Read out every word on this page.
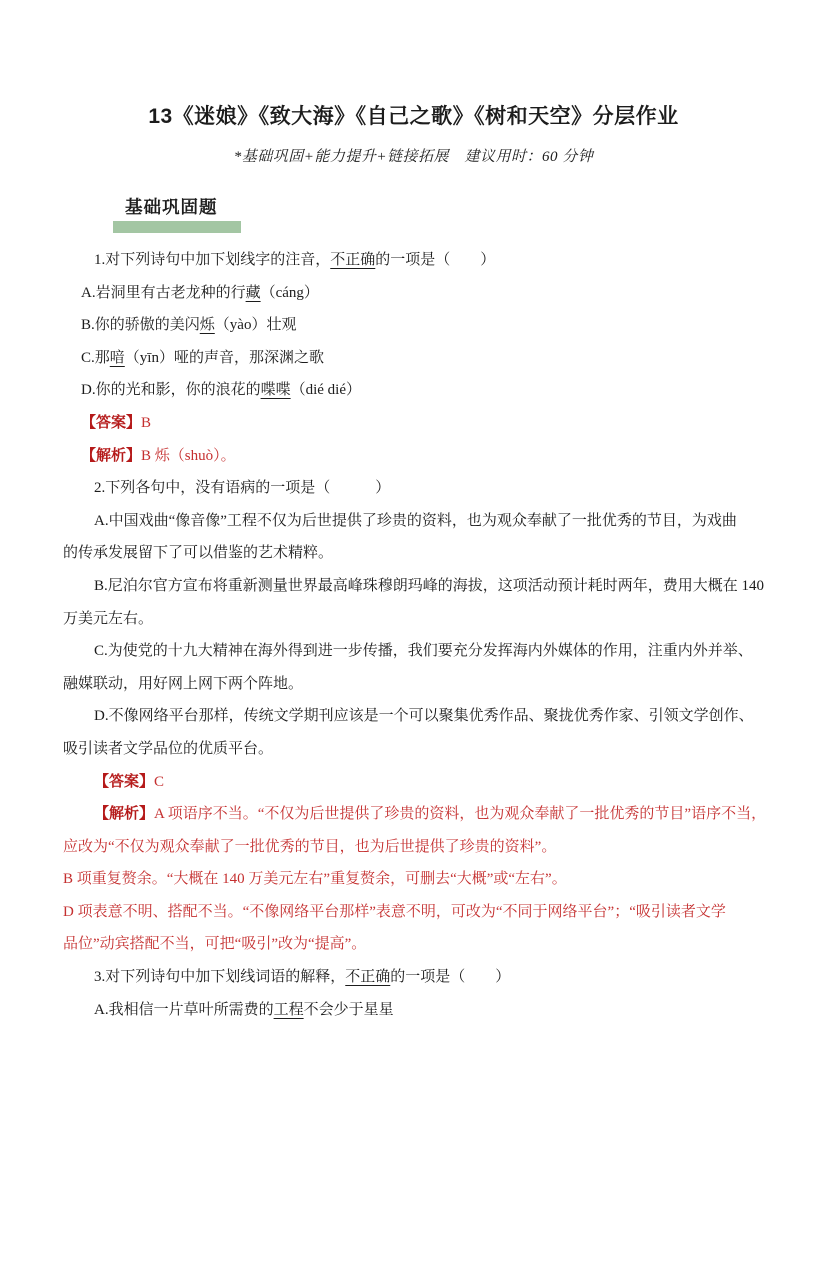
13《迷娘》《致大海》《自己之歌》《树和天空》分层作业
*基础巩固+能力提升+链接拓展　建议用时：60 分钟
基础巩固题

1.对下列诗句中加下划线字的注音，不正确的一项是（　　）

A.岩洞里有古老龙种的行藏（cáng）

B.你的骄傲的美闪烁（yào）壮观

C.那喑（yīn）哑的声音，那深渊之歌

D.你的光和影，你的浪花的喋喋（dié dié）

【答案】B

【解析】B 烁（shuò）。

2.下列各句中，没有语病的一项是（　　　）

A.中国戏曲“像音像”工程不仅为后世提供了珍贵的资料，也为观众奉献了一批优秀的节目，为戏曲

的传承发展留下了可以借鉴的艺术精粹。

B.尼泊尔官方宣布将重新测量世界最高峰珠穆朗玛峰的海拔，这项活动预计耗时两年，费用大概在 140

万美元左右。

C.为使党的十九大精神在海外得到进一步传播，我们要充分发挥海内外媒体的作用，注重内外并举、

融媒联动，用好网上网下两个阵地。

D.不像网络平台那样，传统文学期刊应该是一个可以聚集优秀作品、聚拢优秀作家、引领文学创作、

吸引读者文学品位的优质平台。

【答案】C

【解析】A 项语序不当。“不仅为后世提供了珍贵的资料，也为观众奉献了一批优秀的节目”语序不当，

应改为“不仅为观众奉献了一批优秀的节目，也为后世提供了珍贵的资料”。

B 项重复赘余。“大概在 140 万美元左右”重复赘余，可删去“大概”或“左右”。

D 项表意不明、搭配不当。“不像网络平台那样”表意不明，可改为“不同于网络平台”；“吸引读者文学

品位”动宾搭配不当，可把“吸引”改为“提高”。

3.对下列诗句中加下划线词语的解释，不正确的一项是（　　）

A.我相信一片草叶所需费的工程不会少于星星
